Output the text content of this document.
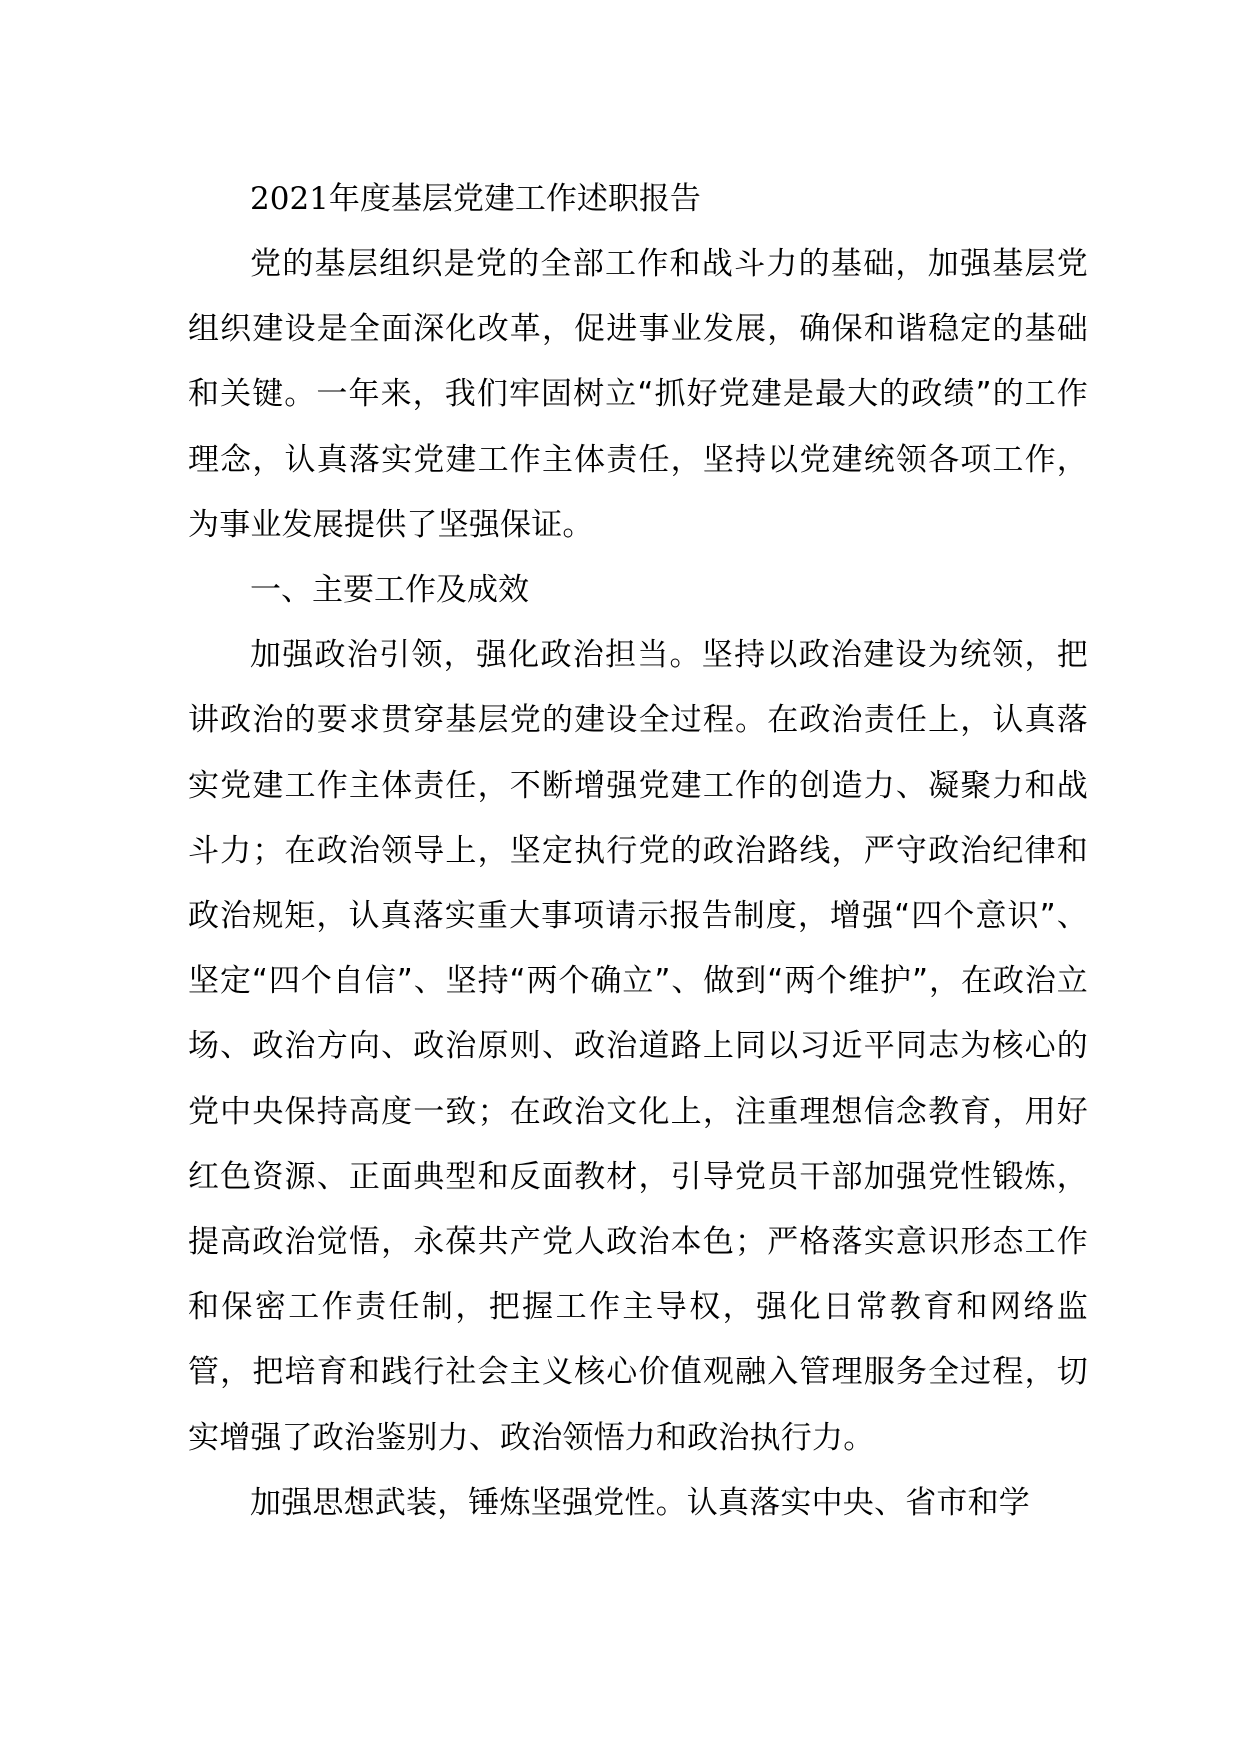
2021年度基层党建工作述职报告

党的基层组织是党的全部工作和战斗力的基础，加强基层党组织建设是全面深化改革，促进事业发展，确保和谐稳定的基础和关键。一年来，我们牢固树立“抓好党建是最大的政绩”的工作理念，认真落实党建工作主体责任，坚持以党建统领各项工作，为事业发展提供了坚强保证。

一、主要工作及成效

加强政治引领，强化政治担当。坚持以政治建设为统领，把讲政治的要求贯穿基层党的建设全过程。在政治责任上，认真落实党建工作主体责任，不断增强党建工作的创造力、凝聚力和战斗力；在政治领导上，坚定执行党的政治路线，严守政治纪律和政治规矩，认真落实重大事项请示报告制度，增强“四个意识”、坚定“四个自信”、坚持“两个确立”、做到“两个维护”，在政治立场、政治方向、政治原则、政治道路上同以习近平同志为核心的党中央保持高度一致；在政治文化上，注重理想信念教育，用好红色资源、正面典型和反面教材，引导党员干部加强党性锻炼，提高政治觉悟，永葆共产党人政治本色；严格落实意识形态工作和保密工作责任制，把握工作主导权，强化日常教育和网络监管，把培育和践行社会主义核心价值观融入管理服务全过程，切实增强了政治鉴别力、政治领悟力和政治执行力。

加强思想武装，锤炼坚强党性。认真落实中央、省市和学
